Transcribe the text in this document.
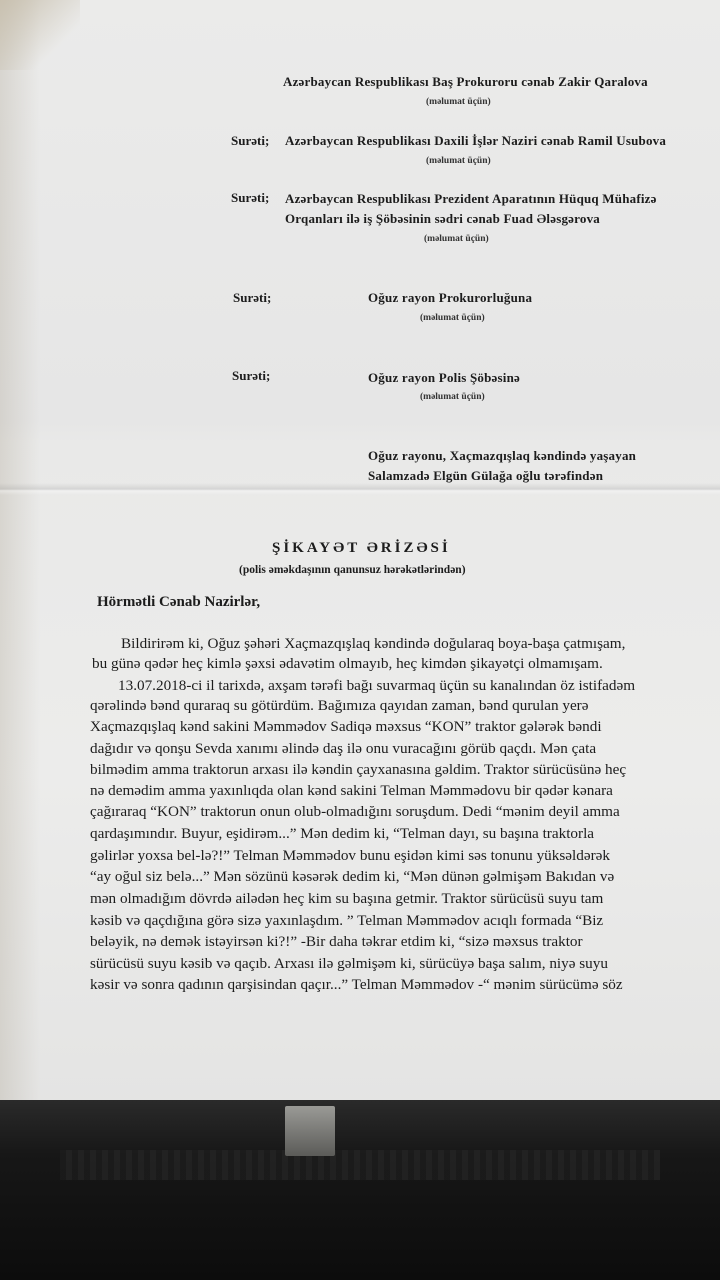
Azərbaycan Respublikası Baş Prokuroru cənab Zakir Qaralova
(məlumat üçün)
Surəti; Azərbaycan Respublikası Daxili İşlər Naziri cənab Ramil Usubova
(məlumat üçün)
Surəti; Azərbaycan Respublikası Prezident Aparatının Hüquq Mühafizə
Orqanları ilə iş Şöbəsinin sədri cənab Fuad Ələsgərova
(məlumat üçün)
Surəti;	Oğuz rayon Prokurorluğuna
(məlumat üçün)
Surəti;	Oğuz rayon Polis Şöbəsinə
(məlumat üçün)
Oğuz rayonu, Xaçmazqışlaq kəndində yaşayan
Salamzadə Elgün Gülağa oğlu tərəfindən
ŞİKAYƏT ƏRİZƏSİ
(polis əməkdaşının qanunsuz hərəkətlərindən)
Hörmətli Cənab Nazirlər,
Bildirirəm ki, Oğuz şəhəri Xaçmazqışlaq kəndində doğularaq boya-başa çatmışam,
bu günə qədər heç kimlə şəxsi ədavətim olmayıb, heç kimdən şikayətçi olmamışam.
13.07.2018-ci il tarixdə, axşam tərəfi bağı suvarmaq üçün su kanalından öz istifadəm
qərəlində bənd quraraq su götürdüm. Bağımıza qayıdan zaman, bənd qurulan yerə
Xaçmazqışlaq kənd sakini Məmmədov Sadiqə məxsus “KON” traktor gələrək bəndi
dağıdır və qonşu Sevda xanımı əlində daş ilə onu vuracağını görüb qaçdı. Mən çata
bilmədim amma traktorun arxası ilə kəndin çayxanasına gəldim. Traktor sürücüsünə heç
nə demədim amma yaxınlıqda olan kənd sakini Telman Məmmədovu bir qədər kənara
çağıraraq “KON” traktorun onun olub-olmadığını soruşdum. Dedi “mənim deyil amma
qardaşımındır. Buyur, eşidirəm...” Mən dedim ki, “Telman dayı, su başına traktorla
gəlirlər yoxsa bel-lə?!” Telman Məmmədov bunu eşidən kimi səs tonunu yüksəldərək
“ay oğul siz belə...” Mən sözünü kəsərək dedim ki, “Mən dünən gəlmişəm Bakıdan və
mən olmadığım dövrdə ailədən heç kim su başına getmir. Traktor sürücüsü suyu tam
kəsib və qaçdığına görə sizə yaxınlaşdım. ” Telman Məmmədov acıqlı formada “Biz
beləyik, nə demək istəyirsən ki?!” -Bir daha təkrar etdim ki, “sizə məxsus traktor
sürücüsü suyu kəsib və qaçıb. Arxası ilə gəlmişəm ki, sürücüyə başa salım, niyə suyu
kəsir və sonra qadının qarşisindan qaçır...” Telman Məmmədov -“ mənim sürücümə söz
